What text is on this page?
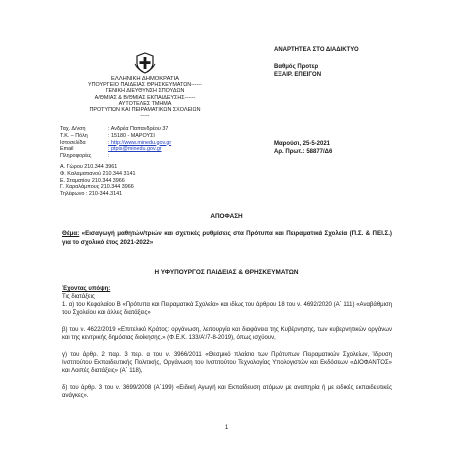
ΕΛΛΗΝΙΚΗ ΔΗΜΟΚΡΑΤΙΑ
ΥΠΟΥΡΓΕΙΟ ΠΑΙΔΕΙΑΣ ΘΡΗΣΚΕΥΜΑΤΩΝ------
ΓΕΝΙΚΗ ΔΙΕΥΘΥΝΣΗ ΣΠΟΥΔΩΝ
Α/ΘΜΙΑΣ & Β/ΘΜΙΑΣ ΕΚΠΑΙΔΕΥΣΗΣ------
ΑΥΤΟΤΕΛΕΣ ΤΜΗΜΑ
ΠΡΟΤΥΠΩΝ ΚΑΙ ΠΕΙΡΑΜΑΤΙΚΩΝ ΣΧΟΛΕΙΩΝ
-----
ΑΝΑΡΤΗΤΕΑ ΣΤΟ ΔΙΑΔΙΚΤΥΟ
Βαθμός Προτερ
ΕΞΑΙΡ. ΕΠΕΙΓΟΝ
Ταχ. Δ/νση	: Ανδρέα Παπανδρέου 37
Τ.Κ. – Πόλη	: 15180 - ΜΑΡΟΥΣΙ
Ιστοσελίδα	: http://www.minedu.gov.gr
Email	: ptpis@minedu.gov.gr
Πληροφορίες	:
Α. Γώρου 210.344 3961
Φ. Καλαματιανού 210.344 3141
Ε. Σταματίου 210.344 3966
Γ. Χαραλάμπους 210.344 3966
Τηλέφωνο : 210-344.3141
Μαρούσι, 25-5-2021
Αρ. Πρωτ.: 58877/Δ6
ΑΠΟΦΑΣΗ
Θέμα: «Εισαγωγή μαθητών/τριών και σχετικές ρυθμίσεις στα Πρότυπα και Πειραματικά Σχολεία (Π.Σ. & ΠΕΙ.Σ.) για το σχολικό έτος 2021-2022»
Η ΥΦΥΠΟΥΡΓΟΣ ΠΑΙΔΕΙΑΣ & ΘΡΗΣΚΕΥΜΑΤΩΝ
Έχοντας υπόψη:
Τις διατάξεις
1. α) του Κεφαλαίου Β «Πρότυπα και Πειραματικά Σχολεία» και ιδίως του άρθρου 18 του ν. 4692/2020 (Α΄ 111) «Αναβάθμιση του Σχολείου και άλλες διατάξεις»
β) του ν. 4622/2019 «Επιτελικό Κράτος: οργάνωση, λειτουργία και διαφάνεια της Κυβέρνησης, των κυβερνητικών οργάνων και της κεντρικής δημόσιας διοίκησης.» (Φ.Ε.Κ. 133/Α'/7-8-2019), όπως ισχύουν,
γ) του άρθρ. 2 παρ. 3 περ. α του ν. 3966/2011 «Θεσμικό πλαίσιο των Πρότυπων Πειραματικών Σχολείων, Ίδρυση Ινστιτούτου Εκπαιδευτικής Πολιτικής, Οργάνωση του Ινστιτούτου Τεχνολογίας Υπολογιστών και Εκδόσεων «ΔΙΟΦΑΝΤΟΣ» και Λοιπές διατάξεις» (Α΄ 118),
δ) του άρθρ. 3 του ν. 3699/2008 (Α΄199) «Ειδική Αγωγή και Εκπαίδευση ατόμων με αναπηρία ή με ειδικές εκπαιδευτικές ανάγκες».
1
